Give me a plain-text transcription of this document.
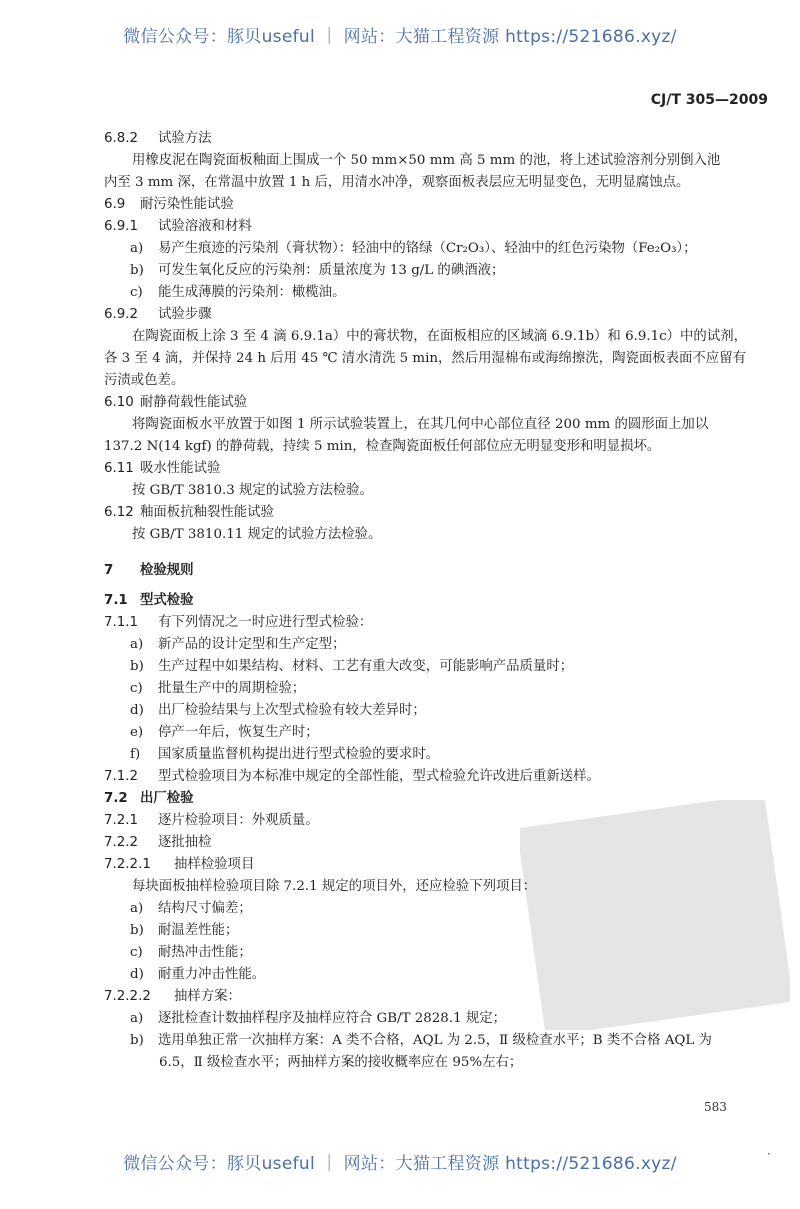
微信公众号：豚贝useful ｜ 网站：大猫工程资源 https://521686.xyz/
CJ/T 305—2009
6.8.2 试验方法
用橡皮泥在陶瓷面板釉面上围成一个 50 mm×50 mm 高 5 mm 的池，将上述试验溶剂分别倒入池
内至 3 mm 深，在常温中放置 1 h 后，用清水冲净，观察面板表层应无明显变色，无明显腐蚀点。
6.9 耐污染性能试验
6.9.1 试验溶液和材料
a) 易产生痕迹的污染剂（膏状物）：轻油中的铬绿（Cr₂O₃）、轻油中的红色污染物（Fe₂O₃）；
b) 可发生氧化反应的污染剂：质量浓度为 13 g/L 的碘酒液；
c) 能生成薄膜的污染剂：橄榄油。
6.9.2 试验步骤
在陶瓷面板上涂 3 至 4 滴 6.9.1a）中的膏状物，在面板相应的区域滴 6.9.1b）和 6.9.1c）中的试剂，
各 3 至 4 滴，并保持 24 h 后用 45 ℃ 清水清洗 5 min，然后用湿棉布或海绵擦洗，陶瓷面板表面不应留有
污渍或色差。
6.10 耐静荷载性能试验
将陶瓷面板水平放置于如图 1 所示试验装置上，在其几何中心部位直径 200 mm 的圆形面上加以
137.2 N(14 kgf) 的静荷载，持续 5 min，检查陶瓷面板任何部位应无明显变形和明显损坏。
6.11 吸水性能试验
按 GB/T 3810.3 规定的试验方法检验。
6.12 釉面板抗釉裂性能试验
按 GB/T 3810.11 规定的试验方法检验。
7 检验规则
7.1 型式检验
7.1.1 有下列情况之一时应进行型式检验：
a) 新产品的设计定型和生产定型；
b) 生产过程中如果结构、材料、工艺有重大改变，可能影响产品质量时；
c) 批量生产中的周期检验；
d) 出厂检验结果与上次型式检验有较大差异时；
e) 停产一年后，恢复生产时；
f) 国家质量监督机构提出进行型式检验的要求时。
7.1.2 型式检验项目为本标准中规定的全部性能，型式检验允许改进后重新送样。
7.2 出厂检验
7.2.1 逐片检验项目：外观质量。
7.2.2 逐批抽检
7.2.2.1 抽样检验项目
每块面板抽样检验项目除 7.2.1 规定的项目外，还应检验下列项目：
a) 结构尺寸偏差；
b) 耐温差性能；
c) 耐热冲击性能；
d) 耐重力冲击性能。
7.2.2.2 抽样方案：
a) 逐批检查计数抽样程序及抽样应符合 GB/T 2828.1 规定；
b) 选用单独正常一次抽样方案：A 类不合格，AQL 为 2.5，Ⅱ 级检查水平；B 类不合格 AQL 为
6.5，Ⅱ 级检查水平；两抽样方案的接收概率应在 95%左右；
583
微信公众号：豚贝useful ｜ 网站：大猫工程资源 https://521686.xyz/	·
